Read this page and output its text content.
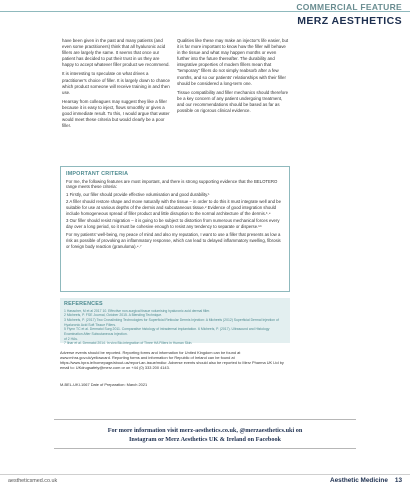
COMMERCIAL FEATURE
MERZ AESTHETICS

have been given in the past and many patients (and even some practitioners) think that all hyaluronic acid fillers are largely the same. It seems that once our patient has decided to put their trust in us they are happy to accept whatever filler product we recommend.

It is interesting to speculate on what drives a practitioner's choice of filler. It is largely down to chance which product someone will receive training in and then use.

Hearsay from colleagues may suggest they like a filler because it is easy to inject, flows smoothly or gives a good immediate result. To this, I would argue that water would meet these criteria but would clearly be a poor filler.

Qualities like these may make an injector's life easier, but it is far more important to know how the filler will behave in the tissue and what may happen months or even further into the future thereafter. The durability and integrative properties of modern fillers mean that "temporary" fillers do not simply reabsorb after a few months, and so our patients' relationships with their filler should be considered a long-term one.

Tissue compatibility and filler mechanics should therefore be a key concern of any patient undergoing treatment, and our recommendations should be based as far as possible on rigorous clinical evidence.

IMPORTANT CRITERIA

For me, the following features are most important, and there is strong supporting evidence that the BELOTERO range meets these criteria:

1 Firstly, our filler should provide effective volumisation and good durability.¹

2 A filler should restore shape and move naturally with the tissue – in order to do this it must integrate well and be suitable for use at various depths of the dermis and subcutaneous tissue.² Evidence of good integration should include homogeneous spread of filler product and little disruption to the normal architecture of the dermis.³˒⁴

3 Our filler should resist migration – it is going to be subject to distortion from numerous mechanical forces every day over a long period, so it must be cohesive enough to resist any tendency to separate or disperse.⁵⁶

For my patients' well-being, my peace of mind and also my reputation, I want to use a filler that presents as low a risk as possible of provoking an inflammatory response, which can lead to delayed inflammatory swelling, fibrosis or foreign body reaction (granuloma).⁴˒⁷

REFERENCES
1 Hasscher, M et al 2017 10. Effective non-surgical tissue volumising hyaluronic acid dermal filler.
2 Micheels, P. FSE Journal, October 2015. A Blending Technique.
3 Micheels, P. (2017) Two Crosslinking Technologies for Superficial Reticular Dermis Injection: A Micheels (2012) Superficial Dermal Injection of Hyaluronic Acid Soft Tissue Fillers.
5 Flynn TC et al. Dermatol Surg 2011. Comparative histology of intradermal implantation. 6 Micheels, P. (2017). Ultrasound and Histology Examination After Subcutaneous Injection.
of 2 HAs.
7 Ilnar et al. Dermatol 2014. In vivo Bio-integration of Three HA Fillers in Human Skin.
Adverse events should be reported. Reporting forms and information for United Kingdom can be found at www.mhra.gov.uk/yellowcard. Reporting forms and information for Republic of Ireland can be found at https://www.hpra.ie/homepage/about-us/report-an-issue/mdiur. Adverse events should also be reported to Merz Pharma UK Ltd by email to: UKdrugsafety@merz.com or on +44 (0) 333 200 4143.
M-BEL-UKI-1067 Date of Preparation: March 2021
For more information visit merz-aesthetics.co.uk, @merzaesthetics.uki on
Instagram or Merz Aesthetics UK & Ireland on Facebook
aestheticsmed.co.uk	Aesthetic Medicine 13
